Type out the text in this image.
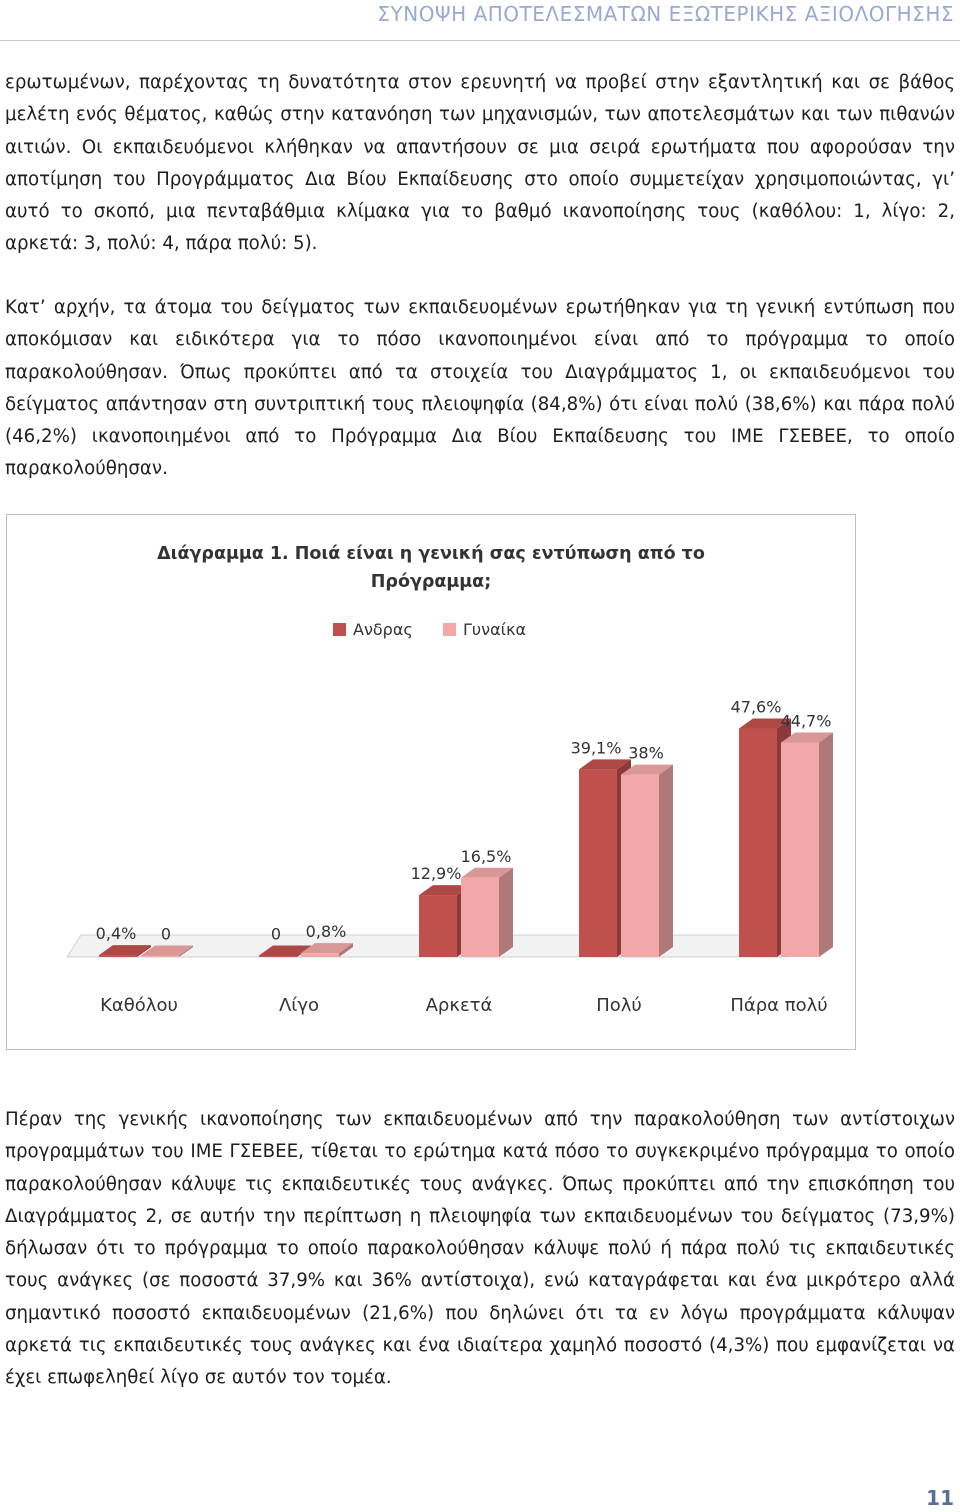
ΣΥΝΟΨΗ ΑΠΟΤΕΛΕΣΜΑΤΩΝ ΕΞΩΤΕΡΙΚΗΣ ΑΞΙΟΛΟΓΗΣΗΣ

ερωτωμένων, παρέχοντας τη δυνατότητα στον ερευνητή να προβεί στην εξαντλητική και σε βάθος μελέτη ενός θέματος, καθώς στην κατανόηση των μηχανισμών, των αποτελεσμάτων και των πιθανών αιτιών. Οι εκπαιδευόμενοι κλήθηκαν να απαντήσουν σε μια σειρά ερωτήματα που αφορούσαν την αποτίμηση του Προγράμματος Δια Βίου Εκπαίδευσης στο οποίο συμμετείχαν χρησιμοποιώντας, γι’ αυτό το σκοπό, μια πενταβάθμια κλίμακα για το βαθμό ικανοποίησης τους (καθόλου: 1, λίγο: 2, αρκετά: 3, πολύ: 4, πάρα πολύ: 5).

Κατ’ αρχήν, τα άτομα του δείγματος των εκπαιδευομένων ερωτήθηκαν για τη γενική εντύπωση που αποκόμισαν και ειδικότερα για το πόσο ικανοποιημένοι είναι από το πρόγραμμα το οποίο παρακολούθησαν. Όπως προκύπτει από τα στοιχεία του Διαγράμματος 1, οι εκπαιδευόμενοι του δείγματος απάντησαν στη συντριπτική τους πλειοψηφία (84,8%) ότι είναι πολύ (38,6%) και πάρα πολύ (46,2%) ικανοποιημένοι από το Πρόγραμμα Δια Βίου Εκπαίδευσης του ΙΜΕ ΓΣΕΒΕΕ, το οποίο παρακολούθησαν.

Διάγραμμα 1. Ποιά είναι η γενική σας εντύπωση από το
Πρόγραμμα;
Ανδρας	Γυναίκα
0,4% 0	0 0,8%
12,9%
16,5%
39,1% 38%
47,6%
44,7%
Καθόλου	Λίγο	Αρκετά	Πολύ	Πάρα πολύ

Πέραν της γενικής ικανοποίησης των εκπαιδευομένων από την παρακολούθηση των αντίστοιχων προγραμμάτων του ΙΜΕ ΓΣΕΒΕΕ, τίθεται το ερώτημα κατά πόσο το συγκεκριμένο πρόγραμμα το οποίο παρακολούθησαν κάλυψε τις εκπαιδευτικές τους ανάγκες. Όπως προκύπτει από την επισκόπηση του Διαγράμματος 2, σε αυτήν την περίπτωση η πλειοψηφία των εκπαιδευομένων του δείγματος (73,9%) δήλωσαν ότι το πρόγραμμα το οποίο παρακολούθησαν κάλυψε πολύ ή πάρα πολύ τις εκπαιδευτικές τους ανάγκες (σε ποσοστά 37,9% και 36% αντίστοιχα), ενώ καταγράφεται και ένα μικρότερο αλλά σημαντικό ποσοστό εκπαιδευομένων (21,6%) που δηλώνει ότι τα εν λόγω προγράμματα κάλυψαν αρκετά τις εκπαιδευτικές τους ανάγκες και ένα ιδιαίτερα χαμηλό ποσοστό (4,3%) που εμφανίζεται να έχει επωφεληθεί λίγο σε αυτόν τον τομέα.

11
